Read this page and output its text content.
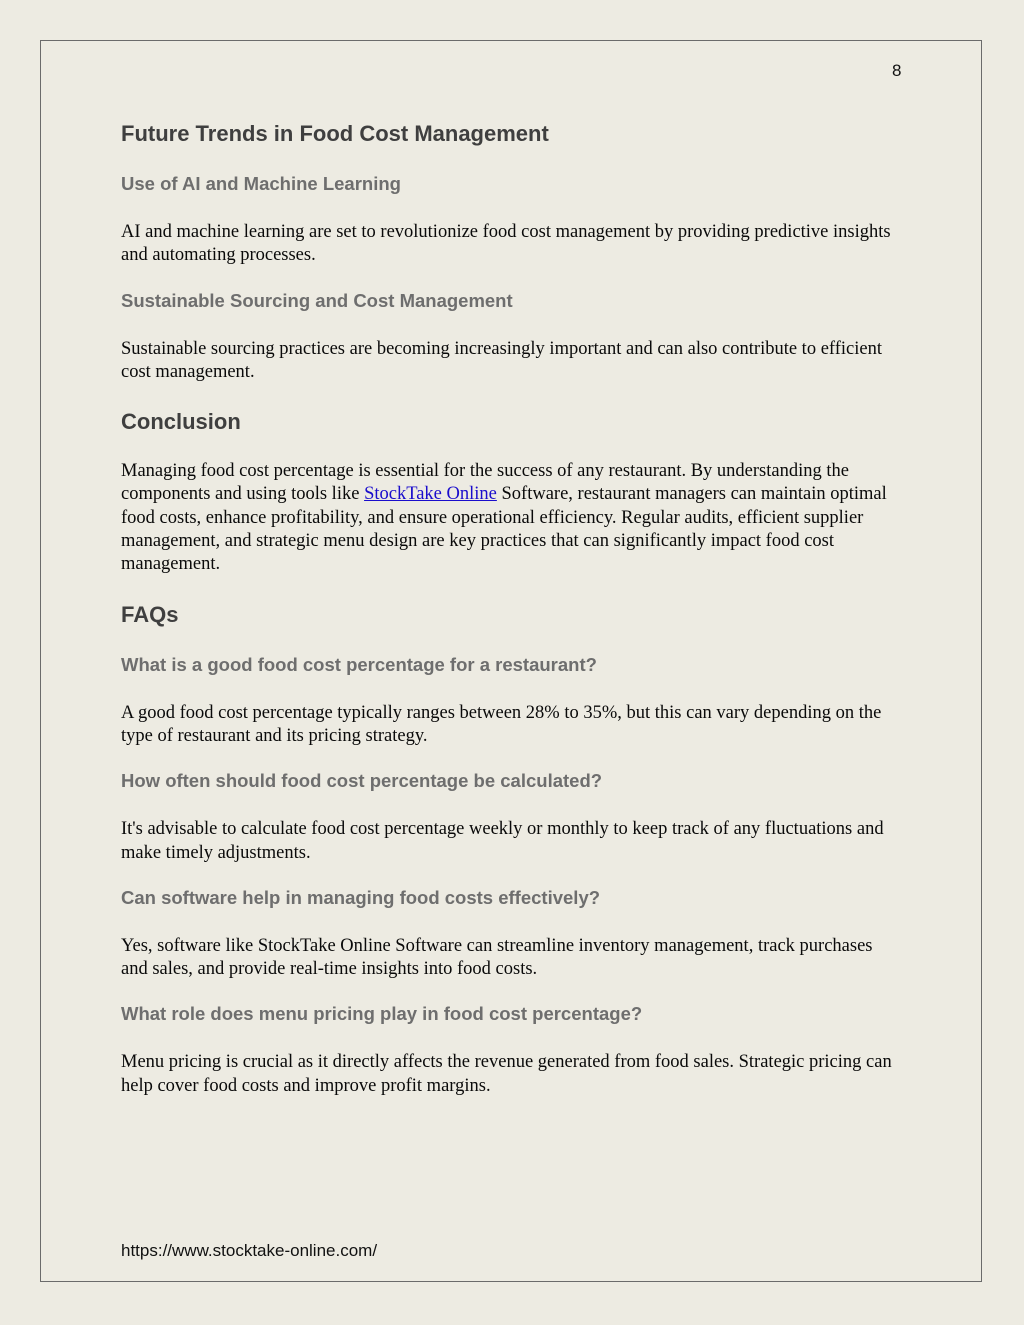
8
Future Trends in Food Cost Management
Use of AI and Machine Learning

AI and machine learning are set to revolutionize food cost management by providing predictive insights and automating processes.

Sustainable Sourcing and Cost Management

Sustainable sourcing practices are becoming increasingly important and can also contribute to efficient cost management.

Conclusion

Managing food cost percentage is essential for the success of any restaurant. By understanding the components and using tools like StockTake Online Software, restaurant managers can maintain optimal food costs, enhance profitability, and ensure operational efficiency. Regular audits, efficient supplier management, and strategic menu design are key practices that can significantly impact food cost management.

FAQs
What is a good food cost percentage for a restaurant?

A good food cost percentage typically ranges between 28% to 35%, but this can vary depending on the type of restaurant and its pricing strategy.

How often should food cost percentage be calculated?

It's advisable to calculate food cost percentage weekly or monthly to keep track of any fluctuations and make timely adjustments.

Can software help in managing food costs effectively?

Yes, software like StockTake Online Software can streamline inventory management, track purchases and sales, and provide real-time insights into food costs.

What role does menu pricing play in food cost percentage?

Menu pricing is crucial as it directly affects the revenue generated from food sales. Strategic pricing can help cover food costs and improve profit margins.

https://www.stocktake-online.com/
